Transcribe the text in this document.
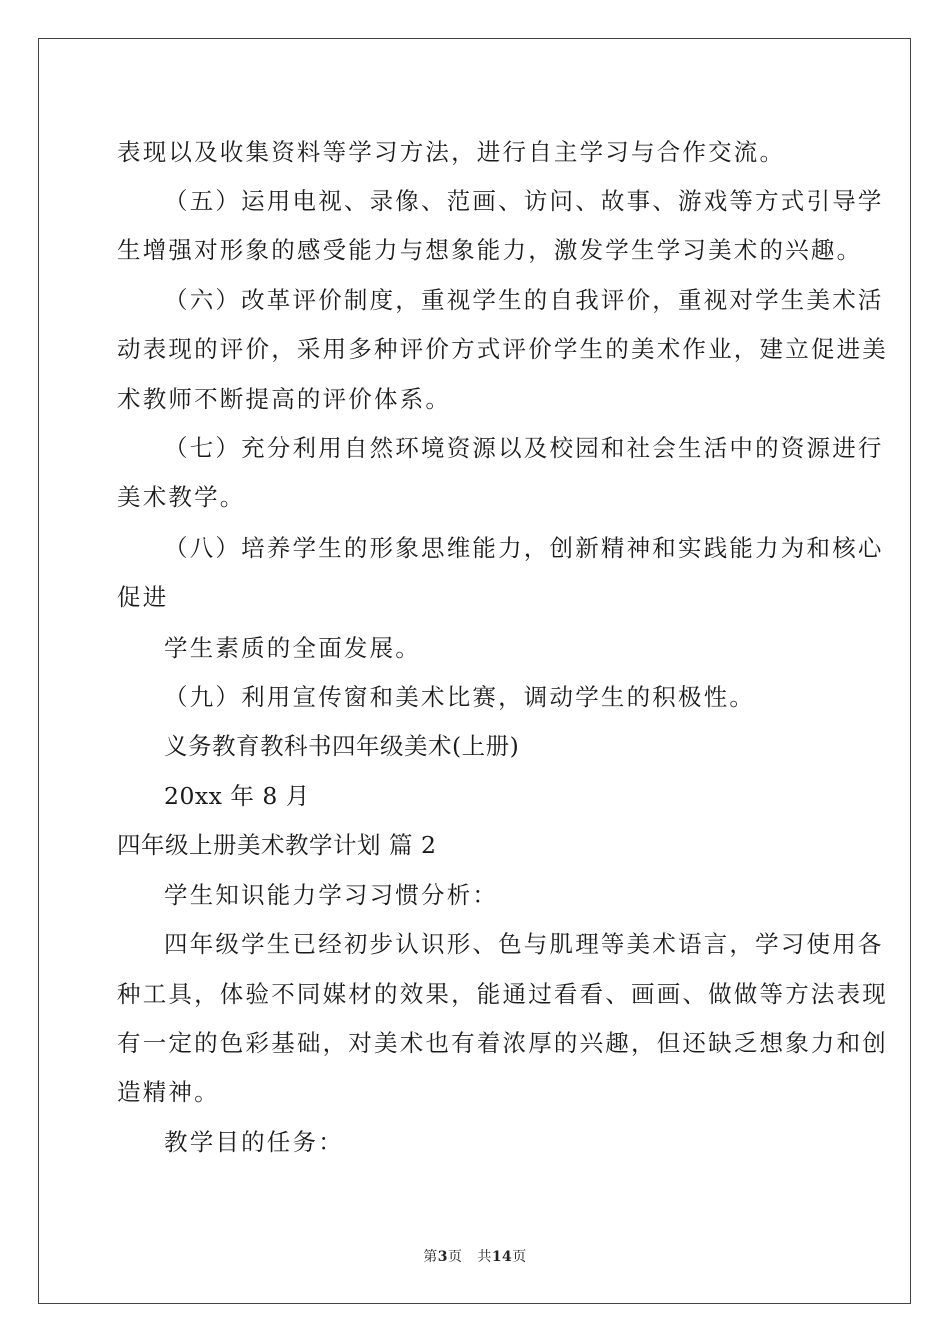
表现以及收集资料等学习方法，进行自主学习与合作交流。
（五）运用电视、录像、范画、访问、故事、游戏等方式引导学
生增强对形象的感受能力与想象能力，激发学生学习美术的兴趣。
（六）改革评价制度，重视学生的自我评价，重视对学生美术活
动表现的评价，采用多种评价方式评价学生的美术作业，建立促进美
术教师不断提高的评价体系。
（七）充分利用自然环境资源以及校园和社会生活中的资源进行
美术教学。
（八）培养学生的形象思维能力，创新精神和实践能力为和核心
促进
学生素质的全面发展。
（九）利用宣传窗和美术比赛，调动学生的积极性。
义务教育教科书四年级美术(上册)
20xx 年 8 月
四年级上册美术教学计划 篇 2
学生知识能力学习习惯分析：
四年级学生已经初步认识形、色与肌理等美术语言，学习使用各
种工具，体验不同媒材的效果，能通过看看、画画、做做等方法表现
有一定的色彩基础，对美术也有着浓厚的兴趣，但还缺乏想象力和创
造精神。
教学目的任务：
第3页 共14页
